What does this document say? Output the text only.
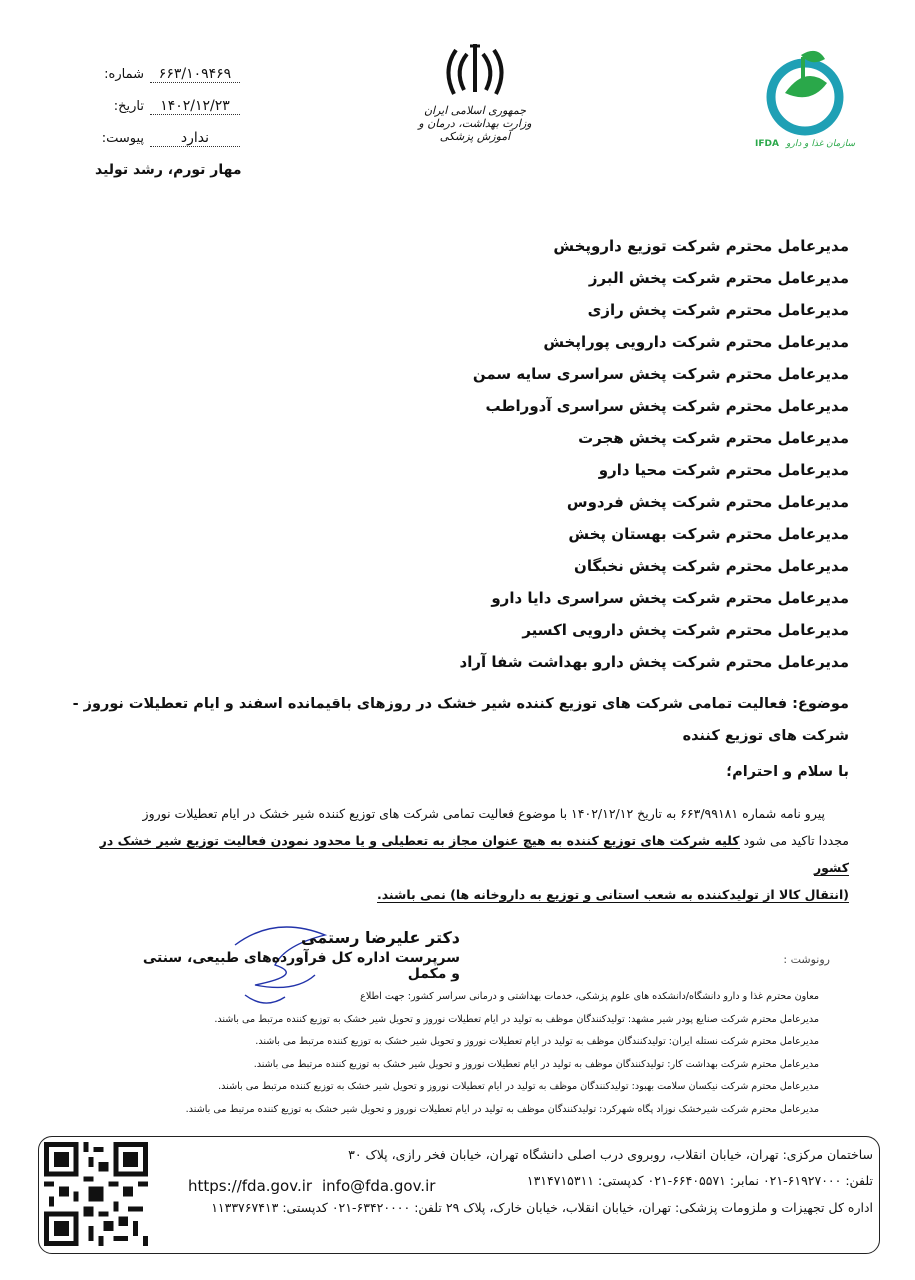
شماره:	۶۶۳/۱۰۹۴۶۹
تاریخ:	۱۴۰۲/۱۲/۲۳
پیوست:	ندارد
مهار تورم، رشد تولید
جمهوری اسلامی ایران
وزارت بهداشت، درمان و آموزش پزشکی
IFDA سازمان غذا و دارو
مدیرعامل محترم شرکت توزیع داروپخش
مدیرعامل محترم شرکت پخش البرز
مدیرعامل محترم شرکت پخش رازی
مدیرعامل محترم شرکت دارویی پوراپخش
مدیرعامل محترم شرکت پخش سراسری سایه سمن
مدیرعامل محترم شرکت پخش سراسری آدوراطب
مدیرعامل محترم شرکت پخش هجرت
مدیرعامل محترم شرکت محیا دارو
مدیرعامل محترم شرکت پخش فردوس
مدیرعامل محترم شرکت بهستان پخش
مدیرعامل محترم شرکت پخش نخبگان
مدیرعامل محترم شرکت پخش سراسری دایا دارو
مدیرعامل محترم شرکت پخش دارویی اکسیر
مدیرعامل محترم شرکت پخش دارو بهداشت شفا آراد
موضوع: فعالیت تمامی شرکت های توزیع کننده شیر خشک در روزهای باقیمانده اسفند و ایام تعطیلات نوروز - شرکت های توزیع کننده
با سلام و احترام؛
پیرو نامه شماره ۶۶۳/۹۹۱۸۱ به تاریخ ۱۴۰۲/۱۲/۱۲ با موضوع فعالیت تمامی شرکت های توزیع کننده شیر خشک در ایام تعطیلات نوروز
مجددا تاکید می شود کلیه شرکت های توزیع کننده به هیچ عنوان مجاز به تعطیلی و یا محدود نمودن فعالیت توزیع شیر خشک در کشور
(انتقال کالا از تولیدکننده به شعب استانی و توزیع به داروخانه ها) نمی باشند.
دکتر علیرضا رستمی
سرپرست اداره کل فرآورده‌های طبیعی، سنتی و مکمل
رونوشت :
معاون محترم غذا و دارو دانشگاه/دانشکده های علوم پزشکی، خدمات بهداشتی و درمانی سراسر کشور: جهت اطلاع
مدیرعامل محترم شرکت صنایع پودر شیر مشهد: تولیدکنندگان موظف به تولید در ایام تعطیلات نوروز و تحویل شیر خشک به توزیع کننده مرتبط می باشند.
مدیرعامل محترم شرکت نستله ایران: تولیدکنندگان موظف به تولید در ایام تعطیلات نوروز و تحویل شیر خشک به توزیع کننده مرتبط می باشند.
مدیرعامل محترم شرکت بهداشت کار: تولیدکنندگان موظف به تولید در ایام تعطیلات نوروز و تحویل شیر خشک به توزیع کننده مرتبط می باشند.
مدیرعامل محترم شرکت نیکسان سلامت بهبود: تولیدکنندگان موظف به تولید در ایام تعطیلات نوروز و تحویل شیر خشک به توزیع کننده مرتبط می باشند.
مدیرعامل محترم شرکت شیرخشک نوزاد پگاه شهرکرد: تولیدکنندگان موظف به تولید در ایام تعطیلات نوروز و تحویل شیر خشک به توزیع کننده مرتبط می باشند.
ساختمان مرکزی: تهران، خیابان انقلاب، روبروی درب اصلی دانشگاه تهران، خیابان فخر رازی، پلاک ۳۰
تلفن: ۶۱۹۲۷۰۰۰-۰۲۱ نمابر: ۶۶۴۰۵۵۷۱-۰۲۱ کدپستی: ۱۳۱۴۷۱۵۳۱۱
https://fda.gov.ir info@fda.gov.ir
اداره کل تجهیزات و ملزومات پزشکی: تهران، خیابان انقلاب، خیابان خارک، پلاک ۲۹ تلفن: ۶۳۴۲۰۰۰۰-۰۲۱ کدپستی: ۱۱۳۳۷۶۷۴۱۳
